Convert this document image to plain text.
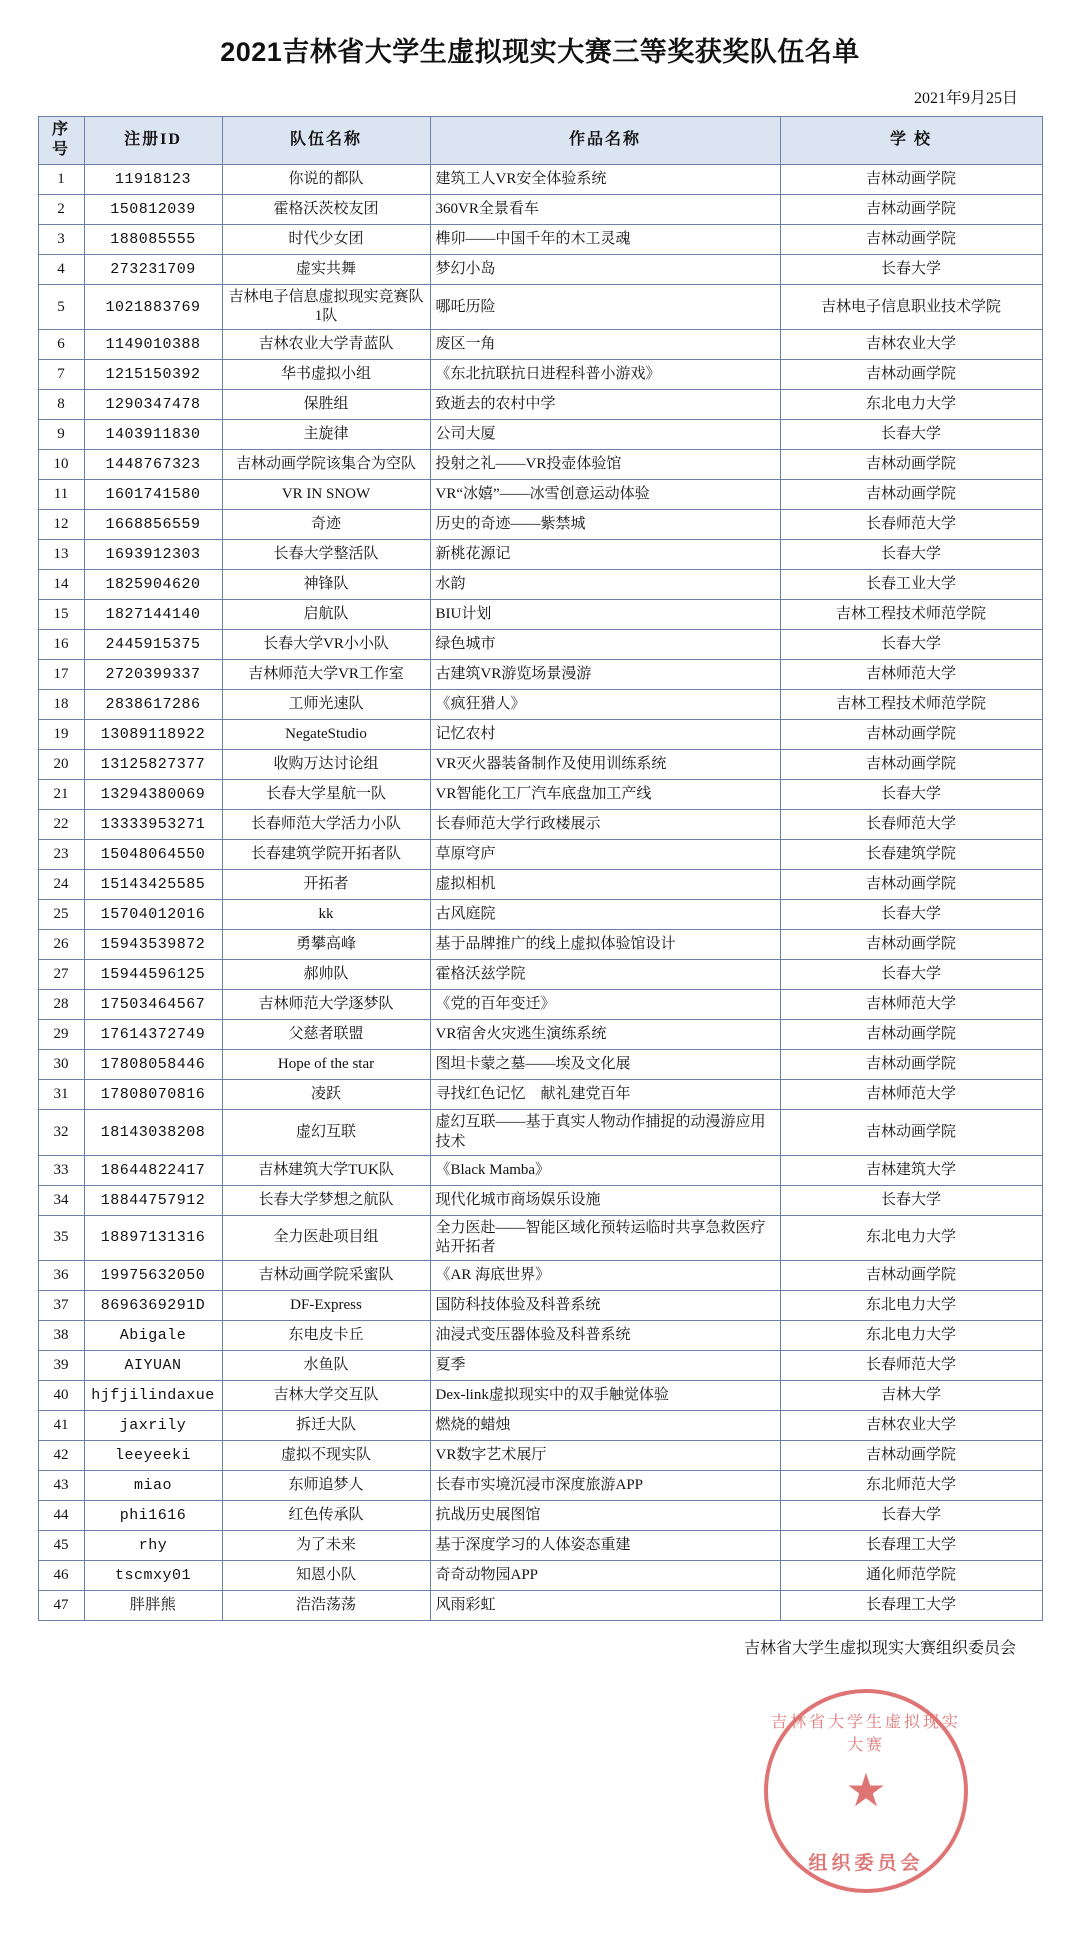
2021吉林省大学生虚拟现实大赛三等奖获奖队伍名单
2021年9月25日
序号	注册ID	队伍名称	作品名称	学 校
1	11918123	你说的都队	建筑工人VR安全体验系统	吉林动画学院
2	150812039	霍格沃茨校友团	360VR全景看车	吉林动画学院
3	188085555	时代少女团	榫卯——中国千年的木工灵魂	吉林动画学院
4	273231709	虚实共舞	梦幻小岛	长春大学
5	1021883769	吉林电子信息虚拟现实竞赛队1队	哪吒历险	吉林电子信息职业技术学院
6	1149010388	吉林农业大学青蓝队	废区一角	吉林农业大学
7	1215150392	华书虚拟小组	《东北抗联抗日进程科普小游戏》	吉林动画学院
8	1290347478	保胜组	致逝去的农村中学	东北电力大学
9	1403911830	主旋律	公司大厦	长春大学
10	1448767323	吉林动画学院该集合为空队	投射之礼——VR投壶体验馆	吉林动画学院
11	1601741580	VR IN SNOW	VR“冰嬉”——冰雪创意运动体验	吉林动画学院
12	1668856559	奇迹	历史的奇迹——紫禁城	长春师范大学
13	1693912303	长春大学整活队	新桃花源记	长春大学
14	1825904620	神锋队	水韵	长春工业大学
15	1827144140	启航队	BIU计划	吉林工程技术师范学院
16	2445915375	长春大学VR小小队	绿色城市	长春大学
17	2720399337	吉林师范大学VR工作室	古建筑VR游览场景漫游	吉林师范大学
18	2838617286	工师光速队	《疯狂猎人》	吉林工程技术师范学院
19	13089118922	NegateStudio	记忆农村	吉林动画学院
20	13125827377	收购万达讨论组	VR灭火器装备制作及使用训练系统	吉林动画学院
21	13294380069	长春大学星航一队	VR智能化工厂汽车底盘加工产线	长春大学
22	13333953271	长春师范大学活力小队	长春师范大学行政楼展示	长春师范大学
23	15048064550	长春建筑学院开拓者队	草原穹庐	长春建筑学院
24	15143425585	开拓者	虚拟相机	吉林动画学院
25	15704012016	kk	古风庭院	长春大学
26	15943539872	勇攀高峰	基于品牌推广的线上虚拟体验馆设计	吉林动画学院
27	15944596125	郝帅队	霍格沃兹学院	长春大学
28	17503464567	吉林师范大学逐梦队	《党的百年变迁》	吉林师范大学
29	17614372749	父慈者联盟	VR宿舍火灾逃生演练系统	吉林动画学院
30	17808058446	Hope of the star	图坦卡蒙之墓——埃及文化展	吉林动画学院
31	17808070816	凌跃	寻找红色记忆　献礼建党百年	吉林师范大学
32	18143038208	虚幻互联	虚幻互联——基于真实人物动作捕捉的动漫游应用技术	吉林动画学院
33	18644822417	吉林建筑大学TUK队	《Black Mamba》	吉林建筑大学
34	18844757912	长春大学梦想之航队	现代化城市商场娱乐设施	长春大学
35	18897131316	全力医赴项目组	全力医赴——智能区域化预转运临时共享急救医疗站开拓者	东北电力大学
36	19975632050	吉林动画学院采蜜队	《AR 海底世界》	吉林动画学院
37	8696369291D	DF-Express	国防科技体验及科普系统	东北电力大学
38	Abigale	东电皮卡丘	油浸式变压器体验及科普系统	东北电力大学
39	AIYUAN	水鱼队	夏季	长春师范大学
40	hjfjilindaxue	吉林大学交互队	Dex-link虚拟现实中的双手触觉体验	吉林大学
41	jaxrily	拆迁大队	燃烧的蜡烛	吉林农业大学
42	leeyeeki	虚拟不现实队	VR数字艺术展厅	吉林动画学院
43	miao	东师追梦人	长春市实境沉浸市深度旅游APP	东北师范大学
44	phi1616	红色传承队	抗战历史展图馆	长春大学
45	rhy	为了未来	基于深度学习的人体姿态重建	长春理工大学
46	tscmxy01	知恩小队	奇奇动物园APP	通化师范学院
47	胖胖熊	浩浩荡荡	风雨彩虹	长春理工大学
吉林省大学生虚拟现实大赛组织委员会
吉林省大学生虚拟现实大赛
★
组织委员会
